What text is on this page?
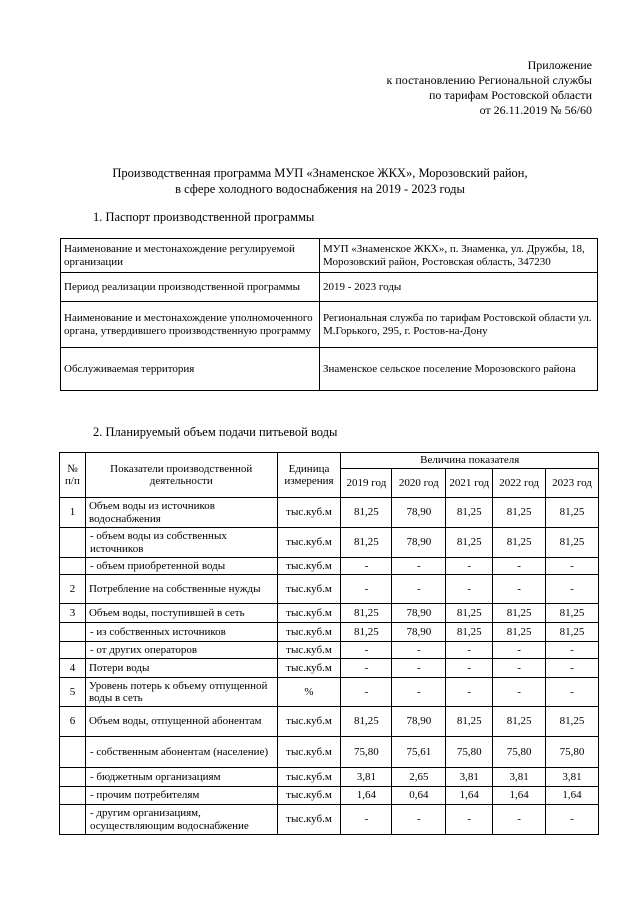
Приложение
к постановлению Региональной службы
по тарифам Ростовской области
от 26.11.2019 № 56/60
Производственная программа МУП «Знаменское ЖКХ», Морозовский район,
в сфере холодного водоснабжения на 2019 - 2023 годы
1. Паспорт производственной программы
Наименование и местонахождение регулируемой организации	МУП «Знаменское ЖКХ», п. Знаменка, ул. Дружбы, 18, Морозовский район, Ростовская область, 347230
Период реализации производственной программы	2019 - 2023 годы
Наименование и местонахождение уполномоченного органа, утвердившего производственную программу	Региональная служба по тарифам Ростовской области ул. М.Горького, 295, г. Ростов-на-Дону
Обслуживаемая территория	Знаменское сельское поселение Морозовского района
2. Планируемый объем подачи питьевой воды
№ п/п	Показатели производственной деятельности	Единица измерения	Величина показателя				
			2019 год	2020 год	2021 год	2022 год	2023 год
1	Объем воды из источников водоснабжения	тыс.куб.м	81,25	78,90	81,25	81,25	81,25
	- объем воды из собственных источников	тыс.куб.м	81,25	78,90	81,25	81,25	81,25
	- объем приобретенной воды	тыс.куб.м	-	-	-	-	-
2	Потребление на собственные нужды	тыс.куб.м	-	-	-	-	-
3	Объем воды, поступившей в сеть	тыс.куб.м	81,25	78,90	81,25	81,25	81,25
	- из собственных источников	тыс.куб.м	81,25	78,90	81,25	81,25	81,25
	- от других операторов	тыс.куб.м	-	-	-	-	-
4	Потери воды	тыс.куб.м	-	-	-	-	-
5	Уровень потерь к объему отпущенной воды в сеть	%	-	-	-	-	-
6	Объем воды, отпущенной абонентам	тыс.куб.м	81,25	78,90	81,25	81,25	81,25
	- собственным абонентам (население)	тыс.куб.м	75,80	75,61	75,80	75,80	75,80
	- бюджетным организациям	тыс.куб.м	3,81	2,65	3,81	3,81	3,81
	- прочим потребителям	тыс.куб.м	1,64	0,64	1,64	1,64	1,64
	- другим организациям, осуществляющим водоснабжение	тыс.куб.м	-	-	-	-	-
